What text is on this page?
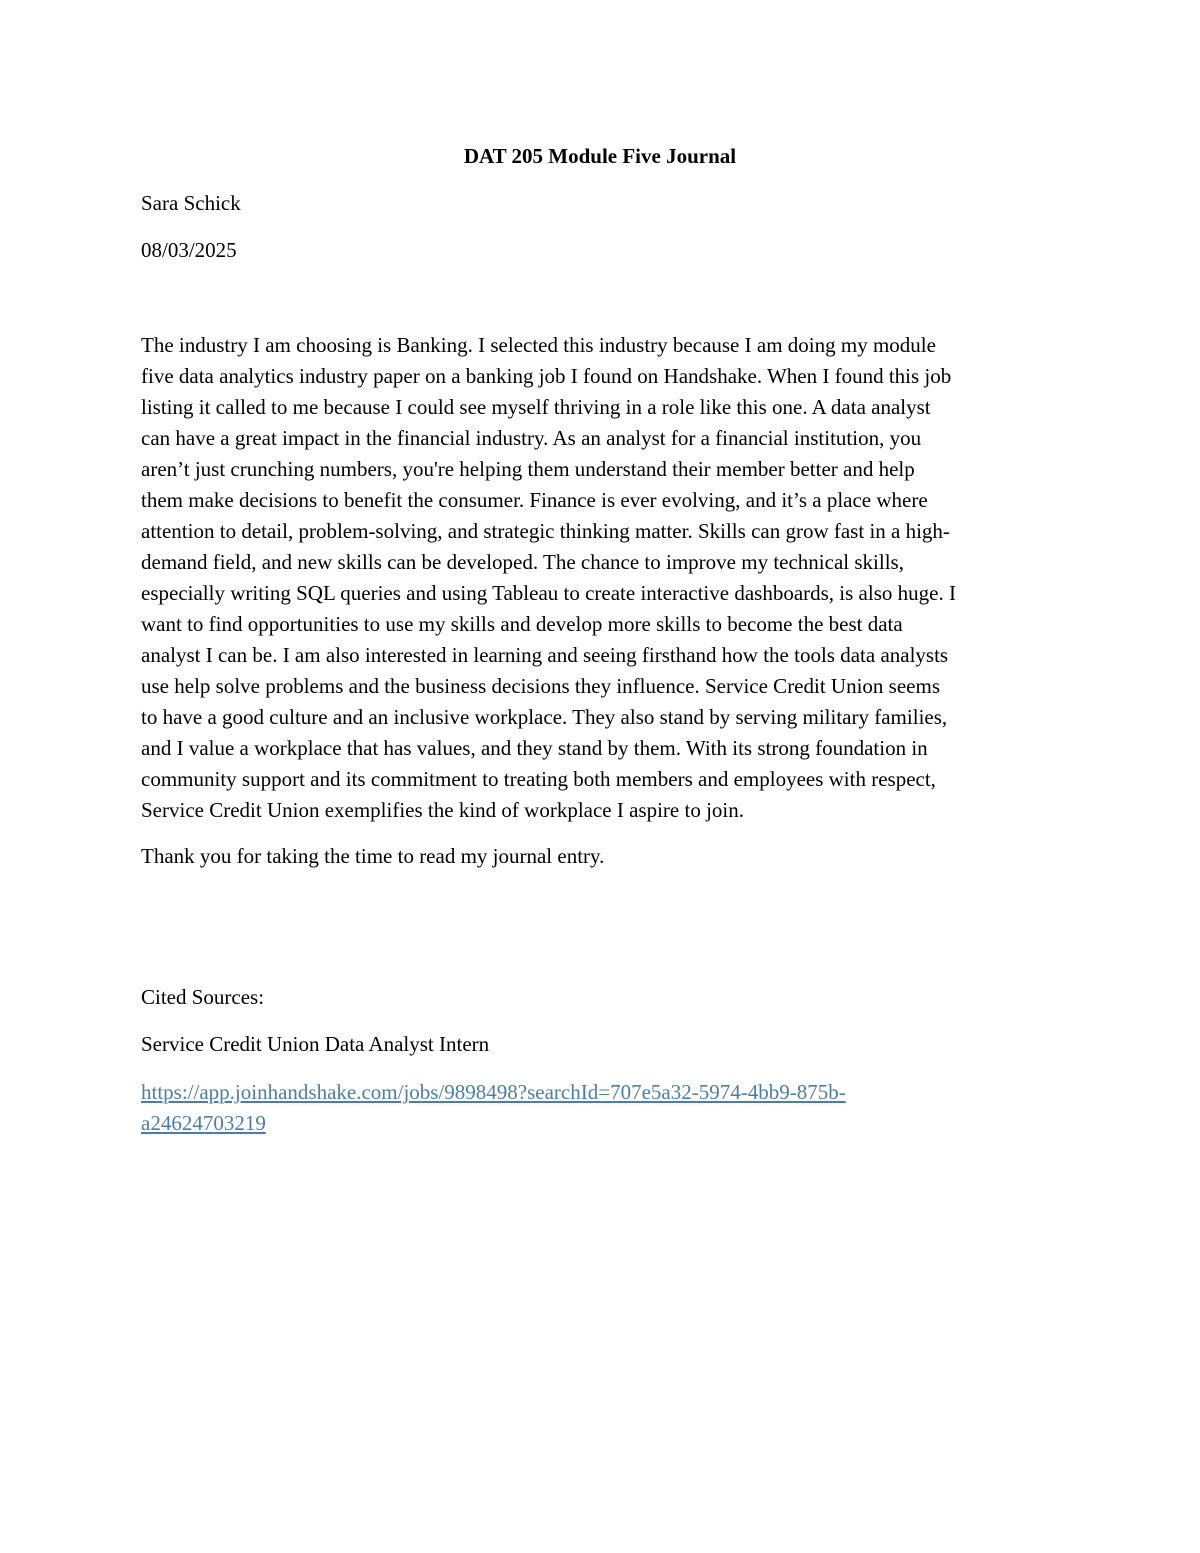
DAT 205 Module Five Journal
Sara Schick
08/03/2025
The industry I am choosing is Banking. I selected this industry because I am doing my module
five data analytics industry paper on a banking job I found on Handshake. When I found this job
listing it called to me because I could see myself thriving in a role like this one. A data analyst
can have a great impact in the financial industry. As an analyst for a financial institution, you
aren’t just crunching numbers, you're helping them understand their member better and help
them make decisions to benefit the consumer. Finance is ever evolving, and it’s a place where
attention to detail, problem-solving, and strategic thinking matter. Skills can grow fast in a high-
demand field, and new skills can be developed. The chance to improve my technical skills,
especially writing SQL queries and using Tableau to create interactive dashboards, is also huge. I
want to find opportunities to use my skills and develop more skills to become the best data
analyst I can be. I am also interested in learning and seeing firsthand how the tools data analysts
use help solve problems and the business decisions they influence. Service Credit Union seems
to have a good culture and an inclusive workplace. They also stand by serving military families,
and I value a workplace that has values, and they stand by them. With its strong foundation in
community support and its commitment to treating both members and employees with respect,
Service Credit Union exemplifies the kind of workplace I aspire to join.
Thank you for taking the time to read my journal entry.
Cited Sources:
Service Credit Union Data Analyst Intern
https://app.joinhandshake.com/jobs/9898498?searchId=707e5a32-5974-4bb9-875b-
a24624703219
